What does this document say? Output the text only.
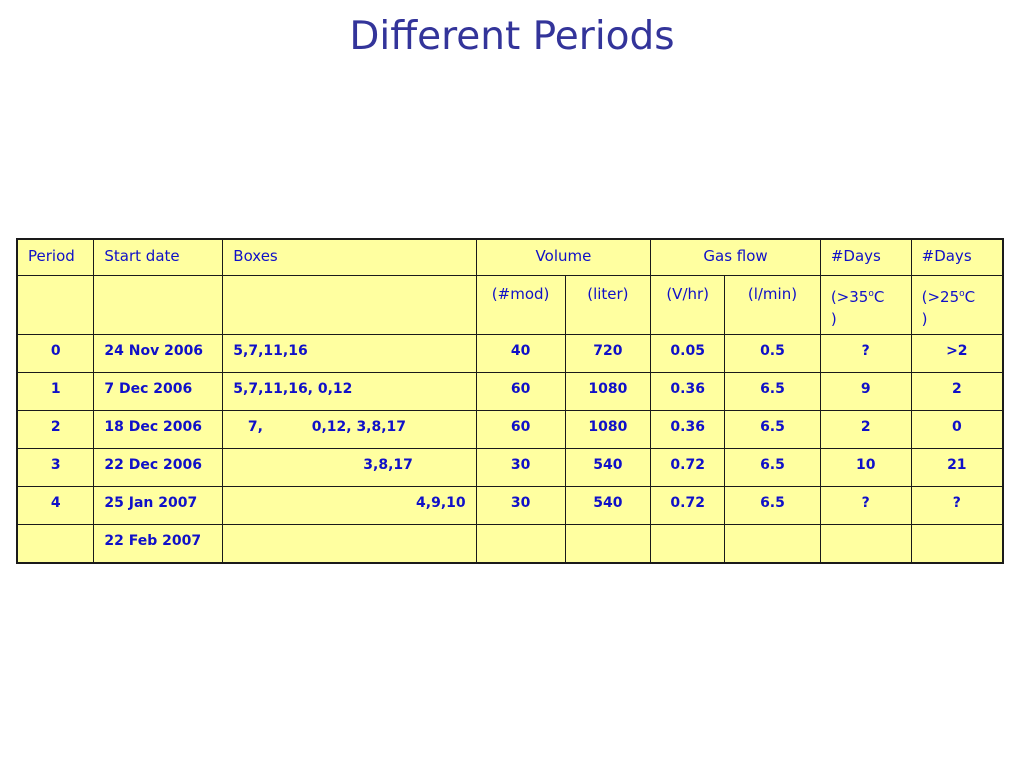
Different Periods
Period	Start date	Boxes	Volume		Gas flow		#Days	#Days
			(#mod)	(liter)	(V/hr)	(l/min)	($>35^oC$
)	($>25^oC$
)
0	24 Nov 2006	5,7,11,16	40	720	0.05	0.5	?	>2
1	7 Dec 2006	5,7,11,16, 0,12	60	1080	0.36	6.5	9	2
2	18 Dec 2006	7,          0,12, 3,8,17	60	1080	0.36	6.5	2	0
3	22 Dec 2006	3,8,17	30	540	0.72	6.5	10	21
4	25 Jan 2007	4,9,10	30	540	0.72	6.5	?	?
	22 Feb 2007							
